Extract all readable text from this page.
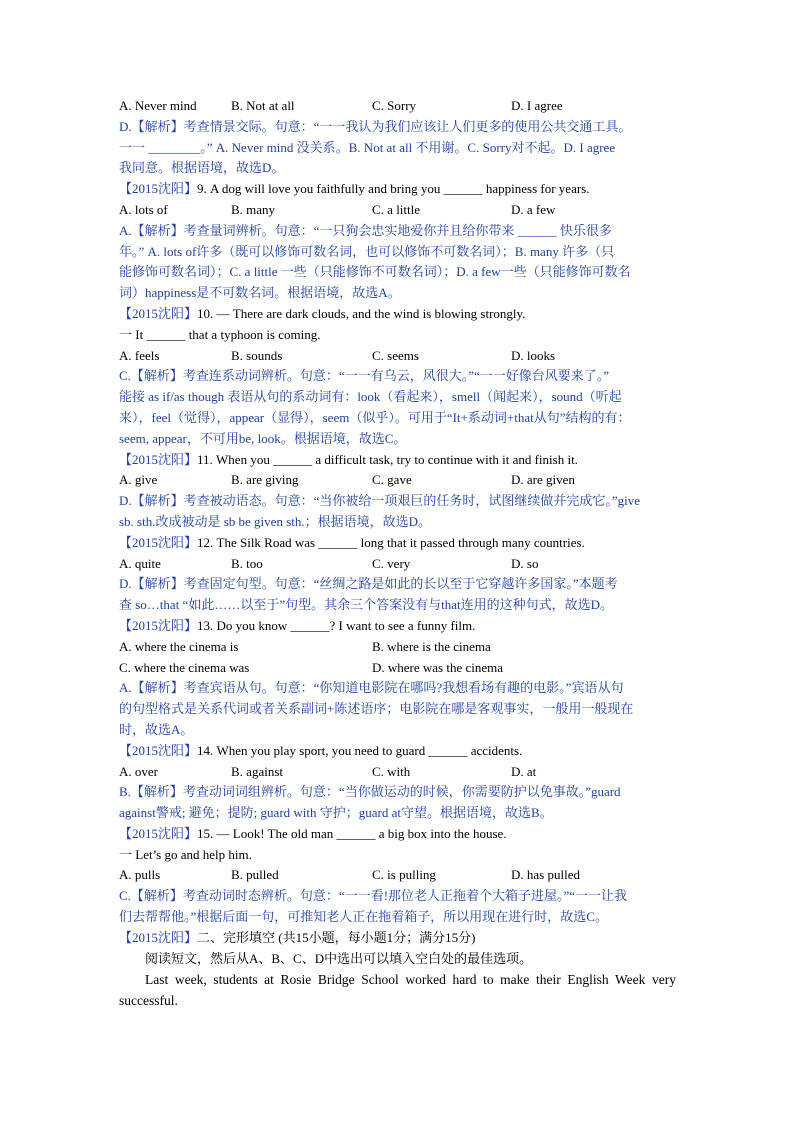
A. Never mind	B. Not at all	C. Sorry	D. I agree
D.【解析】考查情景交际。句意：“一一我认为我们应该让人们更多的使用公共交通工具。
一一 ________。” A. Never mind 没关系。B. Not at all 不用谢。C. Sorry对不起。D. I agree
我同意。根据语境，故选D。
【2015沈阳】9. A dog will love you faithfully and bring you ______ happiness for years.
A. lots of	B. many	C. a little	D. a few
A.【解析】考查量词辨析。句意：“一只狗会忠实地爱你并且给你带来 ______ 快乐很多
年。” A. lots of许多（既可以修饰可数名词，也可以修饰不可数名词）；B. many 许多（只
能修饰可数名词）；C. a little 一些（只能修饰不可数名词）；D. a few一些（只能修饰可数名
词）happiness是不可数名词。根据语境，故选A。
【2015沈阳】10. — There are dark clouds, and the wind is blowing strongly.
一 It ______ that a typhoon is coming.
A. feels	B. sounds	C. seems	D. looks
C.【解析】考查连系动词辨析。句意：“一一有乌云，风很大。”“一一好像台风要来了。”
能接 as if/as though 表语从句的系动词有：look（看起来），smell（闻起来），sound（听起
来），feel（觉得），appear（显得），seem（似乎）。可用于“It+系动词+that从句”结构的有：
seem, appear，不可用be, look。根据语境，故选C。
【2015沈阳】11. When you ______ a difficult task, try to continue with it and finish it.
A. give	B. are giving	C. gave	D. are given
D.【解析】考查被动语态。句意：“当你被给一项艰巨的任务时，试图继续做并完成它。”give
sb. sth.改成被动是 sb be given sth.；根据语境，故选D。
【2015沈阳】12. The Silk Road was ______ long that it passed through many countries.
A. quite	B. too	C. very	D. so
D.【解析】考查固定句型。句意：“丝绸之路是如此的长以至于它穿越许多国家。”本题考
查 so…that “如此……以至于”句型。其余三个答案没有与that连用的这种句式，故选D。
【2015沈阳】13. Do you know ______? I want to see a funny film.
A. where the cinema is	B. where is the cinema
C. where the cinema was	D. where was the cinema
A.【解析】考查宾语从句。句意：“你知道电影院在哪吗?我想看场有趣的电影。”宾语从句
的句型格式是关系代词或者关系副词+陈述语序；电影院在哪是客观事实，一般用一般现在
时，故选A。
【2015沈阳】14. When you play sport, you need to guard ______ accidents.
A. over	B. against	C. with	D. at
B.【解析】考查动词词组辨析。句意：“当你做运动的时候，你需要防护以免事故。”guard
against警戒; 避免；提防; guard with 守护；guard at守望。根据语境，故选B。
【2015沈阳】15. — Look! The old man ______ a big box into the house.
一 Let’s go and help him.
A. pulls	B. pulled	C. is pulling	D. has pulled
C.【解析】考查动词时态辨析。句意：“一一看!那位老人正拖着个大箱子进屋。”“一一让我
们去帮帮他。”根据后面一句，可推知老人正在拖着箱子，所以用现在进行时，故选C。
【2015沈阳】二、完形填空 (共15小题，每小题1分；满分15分)
阅读短文，然后从A、B、C、D中选出可以填入空白处的最佳选项。
Last week, students at Rosie Bridge School worked hard to make their English Week very successful.
